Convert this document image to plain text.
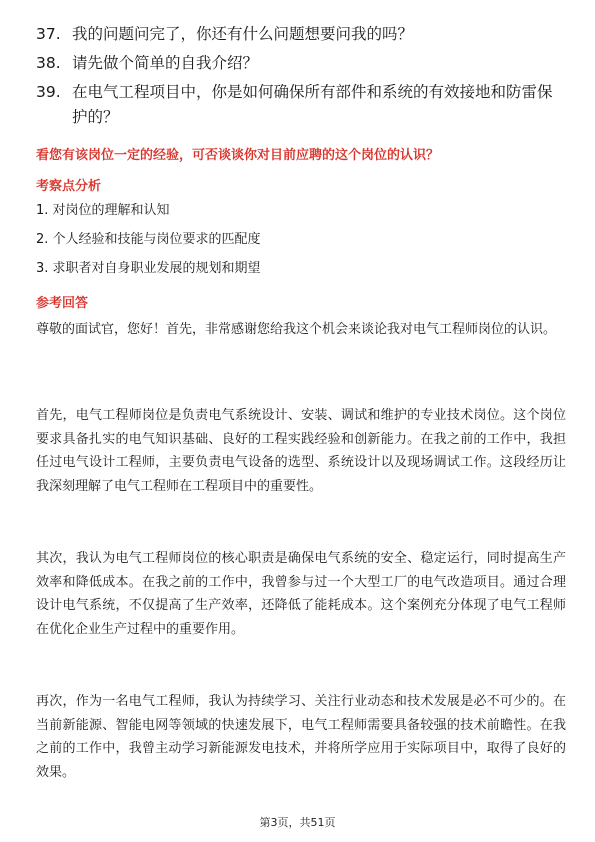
37. 我的问题问完了，你还有什么问题想要问我的吗？
38. 请先做个简单的自我介绍？
39. 在电气工程项目中，你是如何确保所有部件和系统的有效接地和防雷保护的？
看您有该岗位一定的经验，可否谈谈你对目前应聘的这个岗位的认识？
考察点分析
1. 对岗位的理解和认知
2. 个人经验和技能与岗位要求的匹配度
3. 求职者对自身职业发展的规划和期望
参考回答

尊敬的面试官，您好！首先，非常感谢您给我这个机会来谈论我对电气工程师岗位的认识。

首先，电气工程师岗位是负责电气系统设计、安装、调试和维护的专业技术岗位。这个岗位要求具备扎实的电气知识基础、良好的工程实践经验和创新能力。在我之前的工作中，我担任过电气设计工程师，主要负责电气设备的选型、系统设计以及现场调试工作。这段经历让我深刻理解了电气工程师在工程项目中的重要性。

其次，我认为电气工程师岗位的核心职责是确保电气系统的安全、稳定运行，同时提高生产效率和降低成本。在我之前的工作中，我曾参与过一个大型工厂的电气改造项目。通过合理设计电气系统，不仅提高了生产效率，还降低了能耗成本。这个案例充分体现了电气工程师在优化企业生产过程中的重要作用。

再次，作为一名电气工程师，我认为持续学习、关注行业动态和技术发展是必不可少的。在当前新能源、智能电网等领域的快速发展下，电气工程师需要具备较强的技术前瞻性。在我之前的工作中，我曾主动学习新能源发电技术，并将所学应用于实际项目中，取得了良好的效果。

第3页，共51页
